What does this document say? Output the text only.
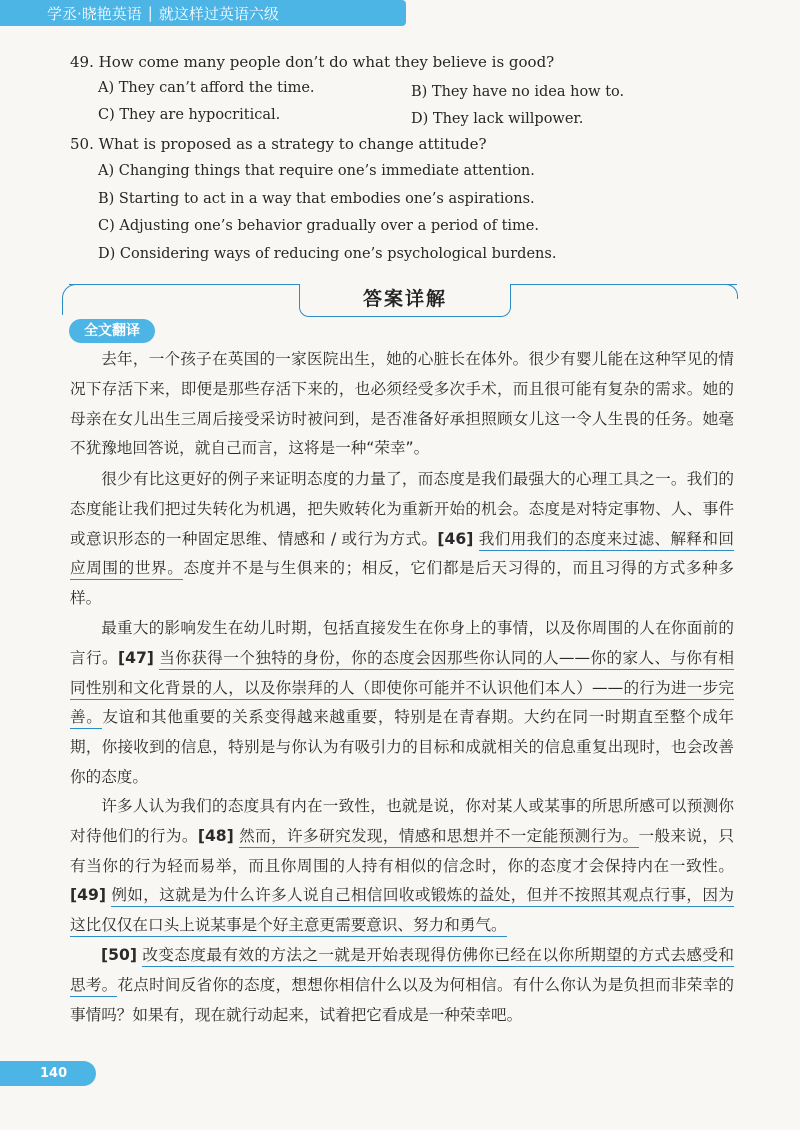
学丞·晓艳英语 | 就这样过英语六级
49. How come many people don’t do what they believe is good?
A) They can’t afford the time.	B) They have no idea how to.
C) They are hypocritical.	D) They lack willpower.
50. What is proposed as a strategy to change attitude?
A) Changing things that require one’s immediate attention.
B) Starting to act in a way that embodies one’s aspirations.
C) Adjusting one’s behavior gradually over a period of time.
D) Considering ways of reducing one’s psychological burdens.
答案详解
全文翻译
去年，一个孩子在英国的一家医院出生，她的心脏长在体外。很少有婴儿能在这种罕见的情况下存活下来，即便是那些存活下来的，也必须经受多次手术，而且很可能有复杂的需求。她的母亲在女儿出生三周后接受采访时被问到，是否准备好承担照顾女儿这一令人生畏的任务。她毫不犹豫地回答说，就自己而言，这将是一种“荣幸”。
很少有比这更好的例子来证明态度的力量了，而态度是我们最强大的心理工具之一。我们的态度能让我们把过失转化为机遇，把失败转化为重新开始的机会。态度是对特定事物、人、事件或意识形态的一种固定思维、情感和 / 或行为方式。[46] 我们用我们的态度来过滤、解释和回应周围的世界。态度并不是与生俱来的；相反，它们都是后天习得的，而且习得的方式多种多样。
最重大的影响发生在幼儿时期，包括直接发生在你身上的事情，以及你周围的人在你面前的言行。[47] 当你获得一个独特的身份，你的态度会因那些你认同的人——你的家人、与你有相同性别和文化背景的人，以及你崇拜的人（即使你可能并不认识他们本人）——的行为进一步完善。友谊和其他重要的关系变得越来越重要，特别是在青春期。大约在同一时期直至整个成年期，你接收到的信息，特别是与你认为有吸引力的目标和成就相关的信息重复出现时，也会改善你的态度。
许多人认为我们的态度具有内在一致性，也就是说，你对某人或某事的所思所感可以预测你对待他们的行为。[48] 然而，许多研究发现，情感和思想并不一定能预测行为。一般来说，只有当你的行为轻而易举，而且你周围的人持有相似的信念时，你的态度才会保持内在一致性。[49] 例如，这就是为什么许多人说自己相信回收或锻炼的益处，但并不按照其观点行事，因为这比仅仅在口头上说某事是个好主意更需要意识、努力和勇气。
[50] 改变态度最有效的方法之一就是开始表现得仿佛你已经在以你所期望的方式去感受和思考。花点时间反省你的态度，想想你相信什么以及为何相信。有什么你认为是负担而非荣幸的事情吗？如果有，现在就行动起来，试着把它看成是一种荣幸吧。
140
